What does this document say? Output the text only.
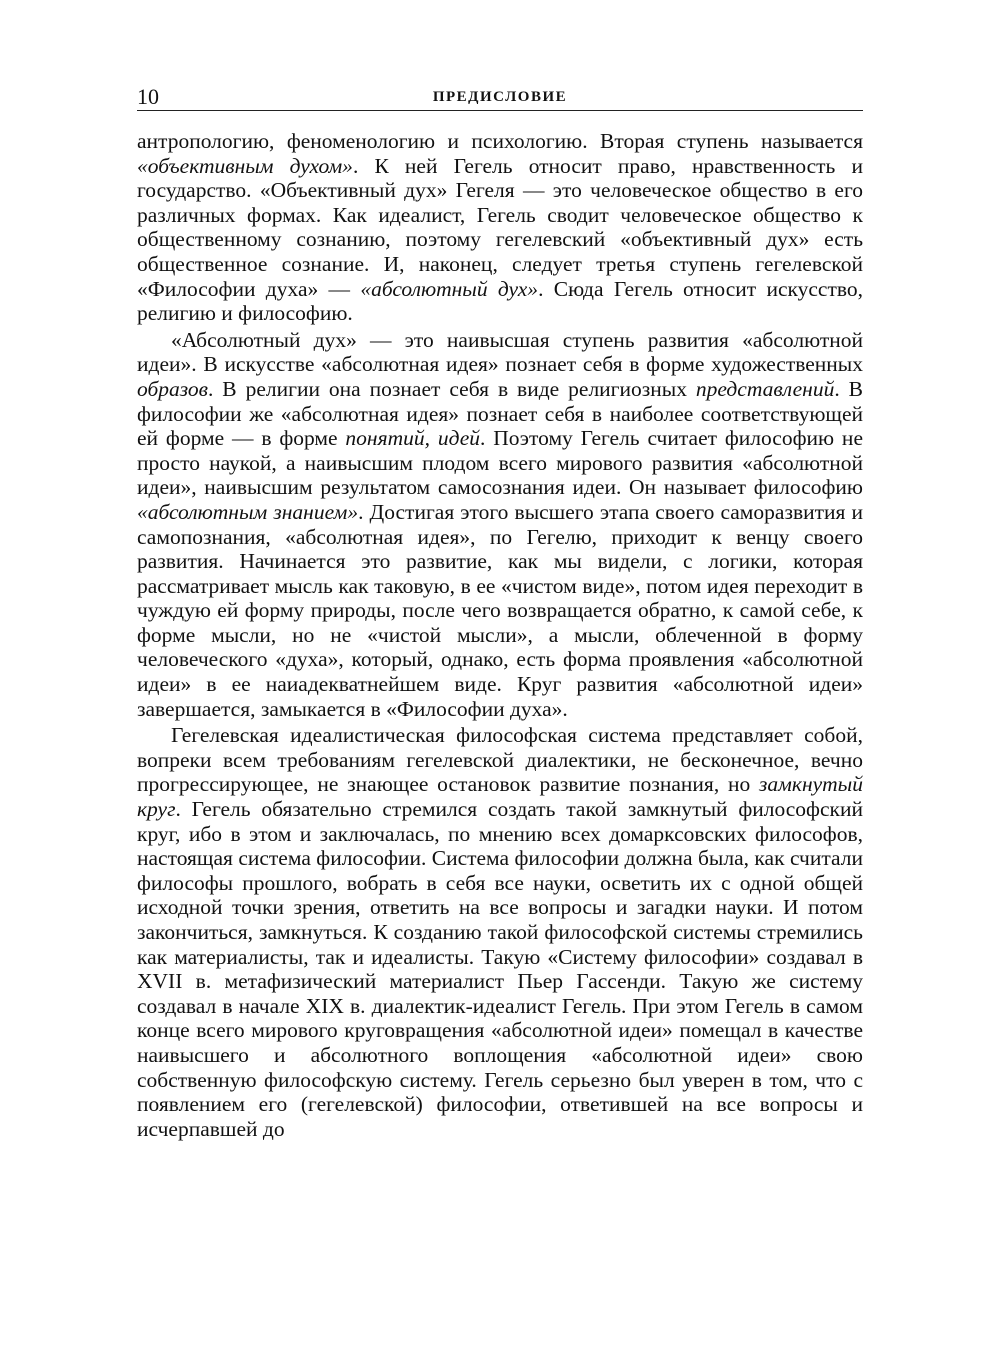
10	ПРЕДИСЛОВИЕ

антропологию, феноменологию и психологию. Вторая ступень называется «объективным духом». К ней Гегель относит право, нравственность и государство. «Объективный дух» Гегеля — это человеческое общество в его различных формах. Как идеалист, Гегель сводит человеческое общество к общественному сознанию, поэтому гегелевский «объективный дух» есть общественное сознание. И, наконец, следует третья ступень гегелевской «Философии духа» — «абсолютный дух». Сюда Гегель относит искусство, религию и философию.

«Абсолютный дух» — это наивысшая ступень развития «абсолютной идеи». В искусстве «абсолютная идея» познает себя в форме художественных образов. В религии она познает себя в виде религиозных представлений. В философии же «абсолютная идея» познает себя в наиболее соответствующей ей форме — в форме понятий, идей. Поэтому Гегель считает философию не просто наукой, а наивысшим плодом всего мирового развития «абсолютной идеи», наивысшим результатом самосознания идеи. Он называет философию «абсолютным знанием». Достигая этого высшего этапа своего саморазвития и самопознания, «абсолютная идея», по Гегелю, приходит к венцу своего развития. Начинается это развитие, как мы видели, с логики, которая рассматривает мысль как таковую, в ее «чистом виде», потом идея переходит в чуждую ей форму природы, после чего возвращается обратно, к самой себе, к форме мысли, но не «чистой мысли», а мысли, облеченной в форму человеческого «духа», который, однако, есть форма проявления «абсолютной идеи» в ее наиадекватнейшем виде. Круг развития «абсолютной идеи» завершается, замыкается в «Философии духа».

Гегелевская идеалистическая философская система представляет собой, вопреки всем требованиям гегелевской диалектики, не бесконечное, вечно прогрессирующее, не знающее остановок развитие познания, но замкнутый круг. Гегель обязательно стремился создать такой замкнутый философский круг, ибо в этом и заключалась, по мнению всех домарксовских философов, настоящая система философии. Система философии должна была, как считали философы прошлого, вобрать в себя все науки, осветить их с одной общей исходной точки зрения, ответить на все вопросы и загадки науки. И потом закончиться, замкнуться. К созданию такой философской системы стремились как материалисты, так и идеалисты. Такую «Систему философии» создавал в XVII в. метафизический материалист Пьер Гассенди. Такую же систему создавал в начале XIX в. диалектик-идеалист Гегель. При этом Гегель в самом конце всего мирового круговращения «абсолютной идеи» помещал в качестве наивысшего и абсолютного воплощения «абсолютной идеи» свою собственную философскую систему. Гегель серьезно был уверен в том, что с появлением его (гегелевской) философии, ответившей на все вопросы и исчерпавшей до
